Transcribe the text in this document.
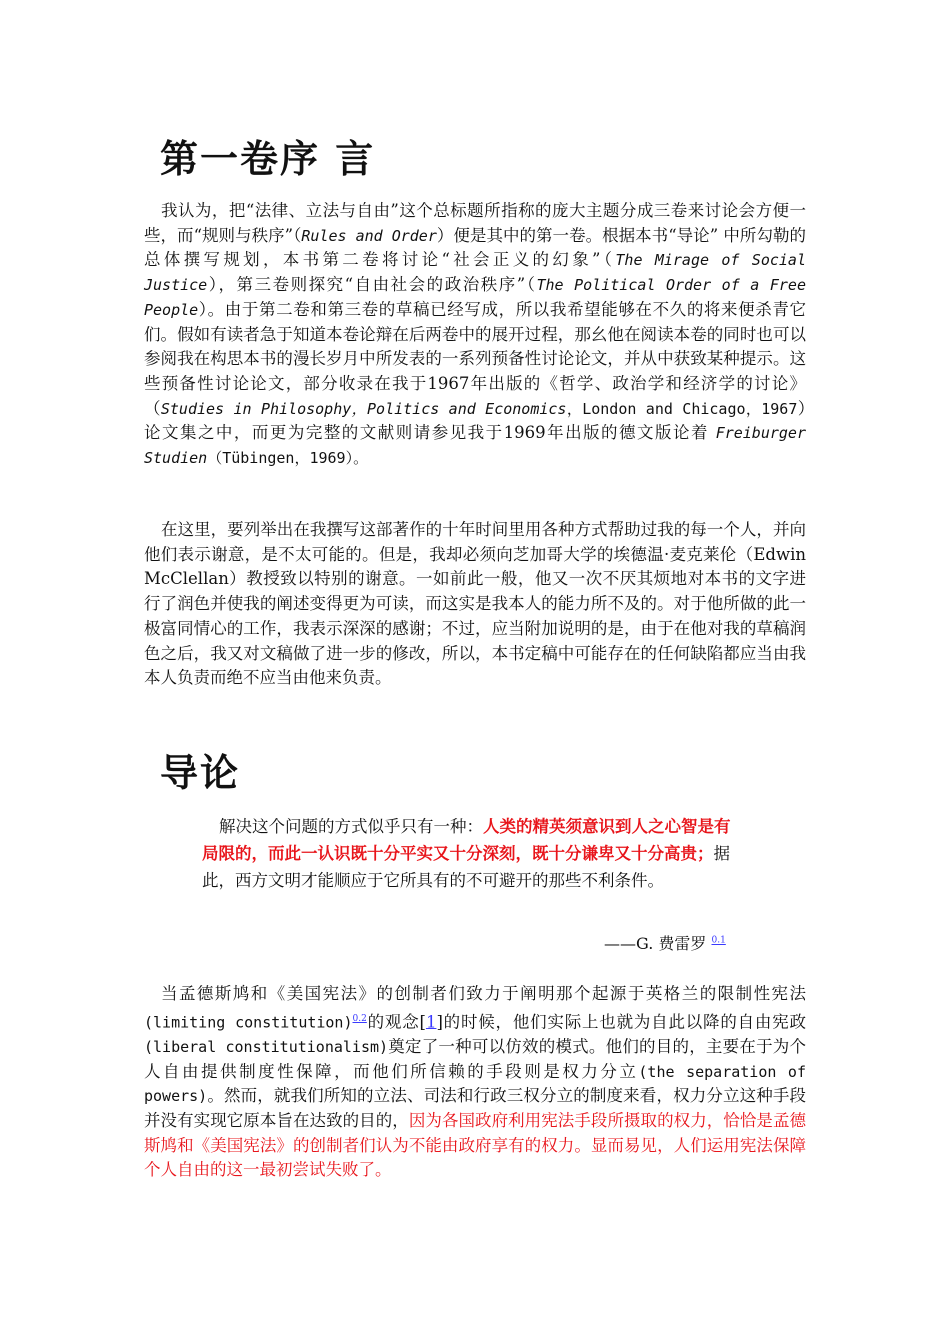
第一卷序 言

我认为，把“法律、立法与自由”这个总标题所指称的庞大主题分成三卷来讨论会方便一些，而“规则与秩序”（Rules and Order）便是其中的第一卷。根据本书“导论” 中所勾勒的总体撰写规划，本书第二卷将讨论“社会正义的幻象”（The Mirage of Social Justice），第三卷则探究“自由社会的政治秩序”（The Political Order of a Free People）。由于第二卷和第三卷的草稿已经写成，所以我希望能够在不久的将来便杀青它们。假如有读者急于知道本卷论辩在后两卷中的展开过程，那幺他在阅读本卷的同时也可以参阅我在构思本书的漫长岁月中所发表的一系列预备性讨论论文，并从中获致某种提示。这些预备性讨论论文，部分收录在我于1967年出版的《哲学、政治学和经济学的讨论》（Studies in Philosophy，Politics and Economics，London and Chicago，1967）论文集之中，而更为完整的文献则请参见我于1969年出版的德文版论着 Freiburger Studien（Tübingen，1969）。

在这里，要列举出在我撰写这部著作的十年时间里用各种方式帮助过我的每一个人，并向他们表示谢意，是不太可能的。但是，我却必须向芝加哥大学的埃德温·麦克莱伦（Edwin McClellan）教授致以特别的谢意。一如前此一般，他又一次不厌其烦地对本书的文字进行了润色并使我的阐述变得更为可读，而这实是我本人的能力所不及的。对于他所做的此一极富同情心的工作，我表示深深的感谢；不过，应当附加说明的是，由于在他对我的草稿润色之后，我又对文稿做了进一步的修改，所以，本书定稿中可能存在的任何缺陷都应当由我本人负责而绝不应当由他来负责。

导论

解决这个问题的方式似乎只有一种：人类的精英须意识到人之心智是有局限的，而此一认识既十分平实又十分深刻，既十分谦卑又十分高贵；据此，西方文明才能顺应于它所具有的不可避开的那些不利条件。

——G. 费雷罗 $^{0.1}$

当孟德斯鸠和《美国宪法》的创制者们致力于阐明那个起源于英格兰的限制性宪法(limiting constitution)$^{0.2}$的观念[1]的时候，他们实际上也就为自此以降的自由宪政(liberal constitutionalism)奠定了一种可以仿效的模式。他们的目的，主要在于为个人自由提供制度性保障，而他们所信赖的手段则是权力分立(the separation of powers)。然而，就我们所知的立法、司法和行政三权分立的制度来看，权力分立这种手段并没有实现它原本旨在达致的目的，因为各国政府利用宪法手段所摄取的权力，恰恰是孟德斯鸠和《美国宪法》的创制者们认为不能由政府享有的权力。显而易见，人们运用宪法保障个人自由的这一最初尝试失败了。
